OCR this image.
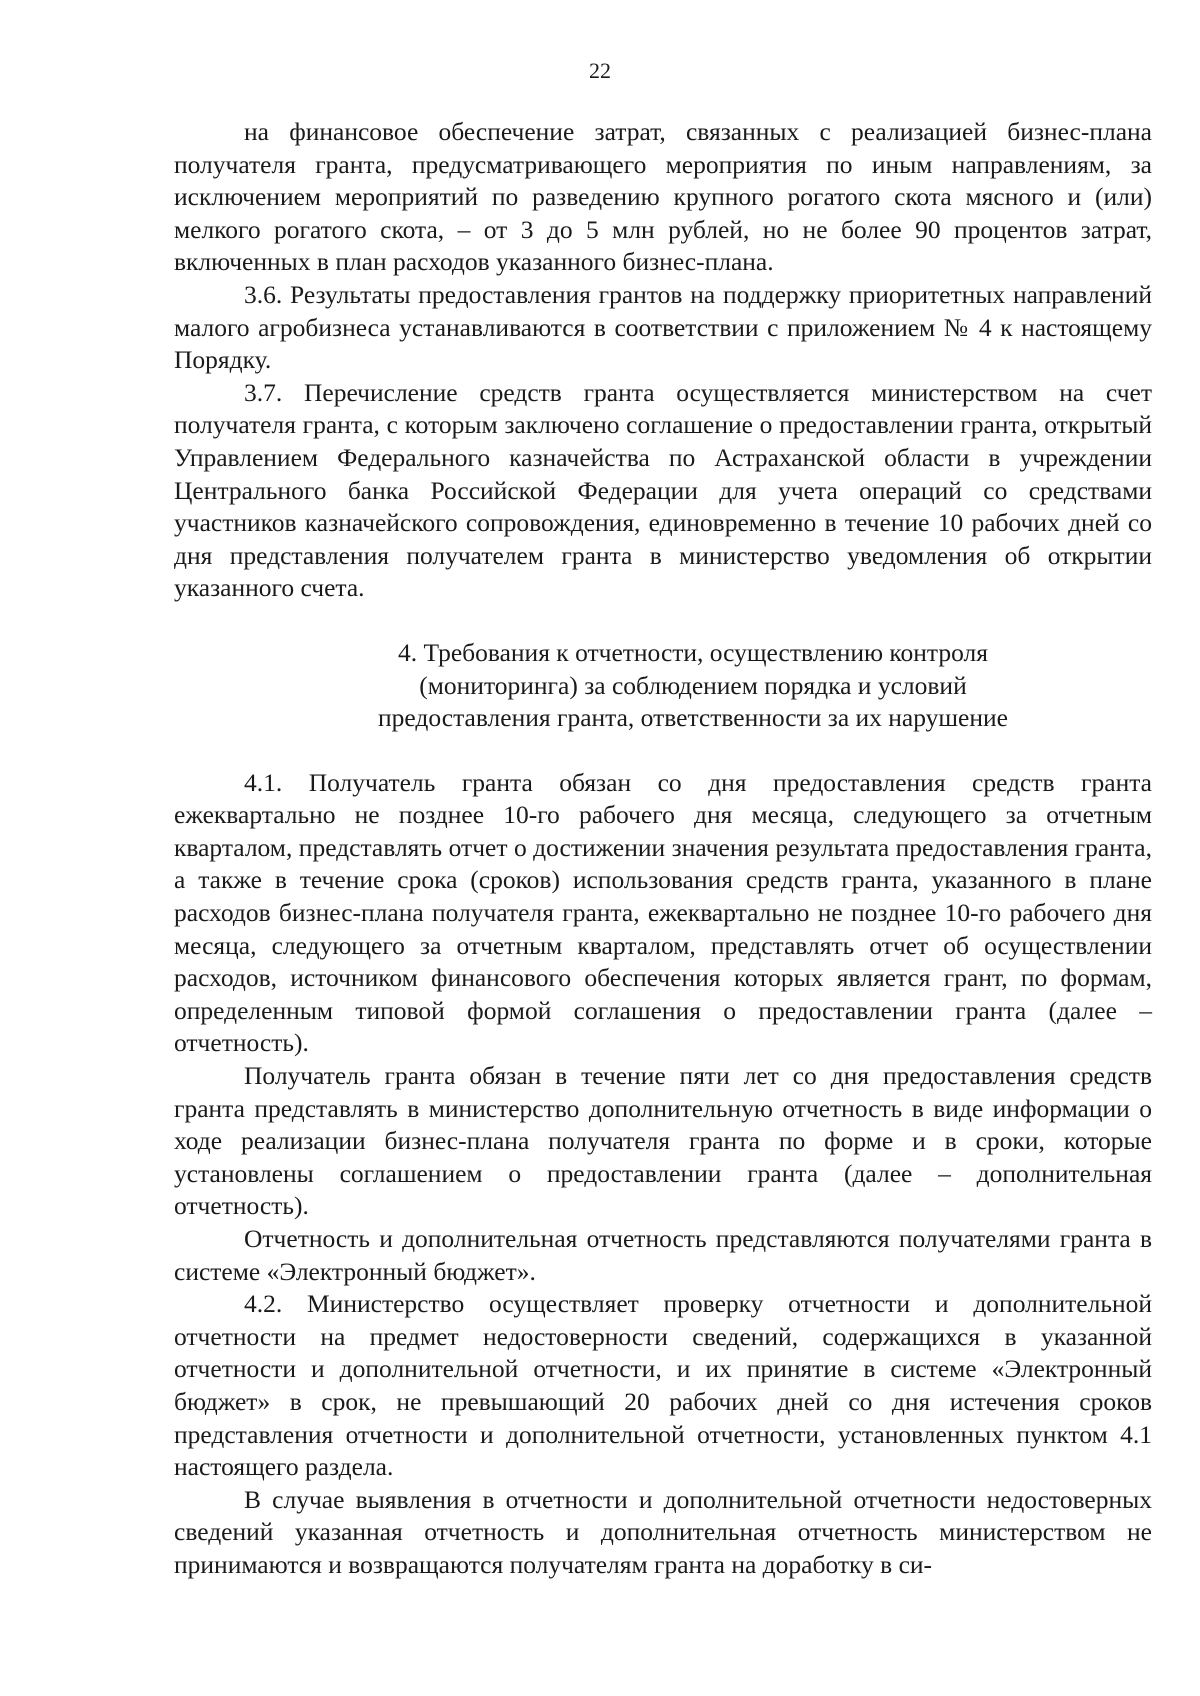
22

на финансовое обеспечение затрат, связанных с реализацией бизнес-плана получателя гранта, предусматривающего мероприятия по иным направлениям, за исключением мероприятий по разведению крупного рогатого скота мясного и (или) мелкого рогатого скота, – от 3 до 5 млн рублей, но не более 90 процентов затрат, включенных в план расходов указанного бизнес-плана.

3.6. Результаты предоставления грантов на поддержку приоритетных направлений малого агробизнеса устанавливаются в соответствии с приложением № 4 к настоящему Порядку.

3.7. Перечисление средств гранта осуществляется министерством на счет получателя гранта, с которым заключено соглашение о предоставлении гранта, открытый Управлением Федерального казначейства по Астраханской области в учреждении Центрального банка Российской Федерации для учета операций со средствами участников казначейского сопровождения, единовременно в течение 10 рабочих дней со дня представления получателем гранта в министерство уведомления об открытии указанного счета.

4. Требования к отчетности, осуществлению контроля
(мониторинга) за соблюдением порядка и условий
предоставления гранта, ответственности за их нарушение

4.1. Получатель гранта обязан со дня предоставления средств гранта ежеквартально не позднее 10-го рабочего дня месяца, следующего за отчетным кварталом, представлять отчет о достижении значения результата предоставления гранта, а также в течение срока (сроков) использования средств гранта, указанного в плане расходов бизнес-плана получателя гранта, ежеквартально не позднее 10-го рабочего дня месяца, следующего за отчетным кварталом, представлять отчет об осуществлении расходов, источником финансового обеспечения которых является грант, по формам, определенным типовой формой соглашения о предоставлении гранта (далее – отчетность).

Получатель гранта обязан в течение пяти лет со дня предоставления средств гранта представлять в министерство дополнительную отчетность в виде информации о ходе реализации бизнес-плана получателя гранта по форме и в сроки, которые установлены соглашением о предоставлении гранта (далее – дополнительная отчетность).

Отчетность и дополнительная отчетность представляются получателями гранта в системе «Электронный бюджет».

4.2. Министерство осуществляет проверку отчетности и дополнительной отчетности на предмет недостоверности сведений, содержащихся в указанной отчетности и дополнительной отчетности, и их принятие в системе «Электронный бюджет» в срок, не превышающий 20 рабочих дней со дня истечения сроков представления отчетности и дополнительной отчетности, установленных пунктом 4.1 настоящего раздела.

В случае выявления в отчетности и дополнительной отчетности недостоверных сведений указанная отчетность и дополнительная отчетность министерством не принимаются и возвращаются получателям гранта на доработку в си-
